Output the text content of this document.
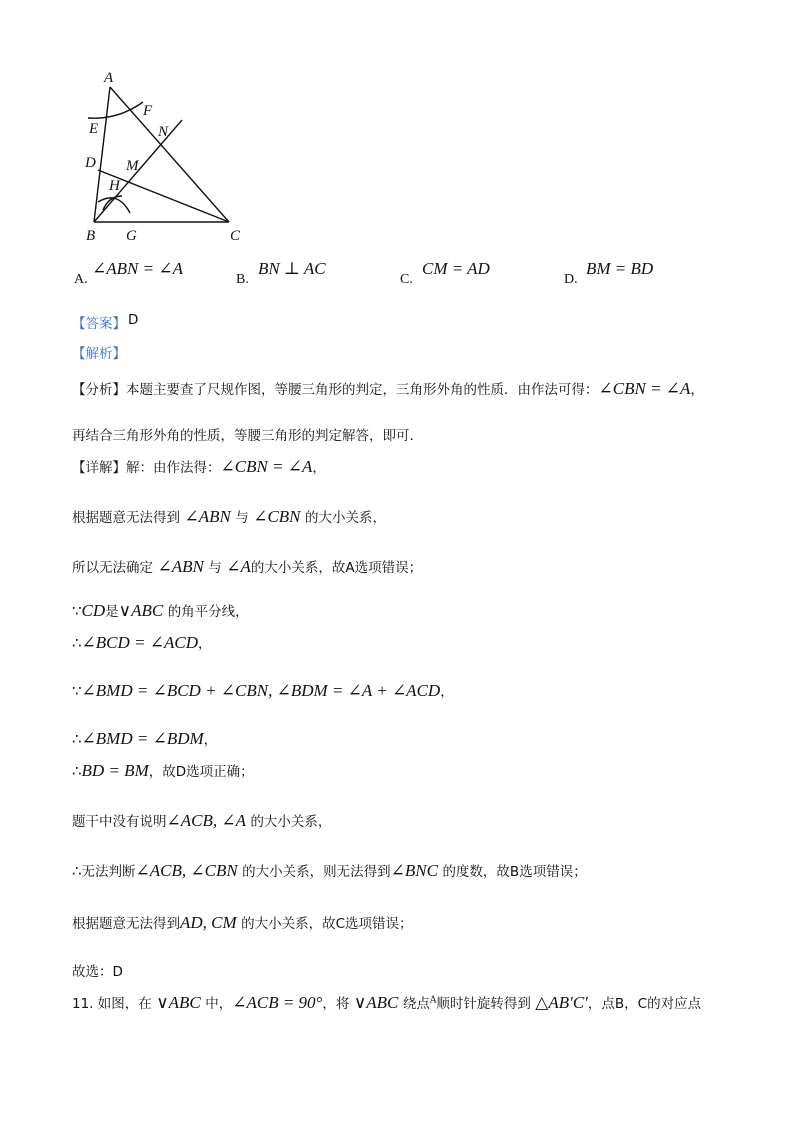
A
F
E	N
D M
H
B G	C
A.
∠ABN = ∠A
B.
BN ⊥ AC
C.
CM = AD
D.
BM = BD
【答案】 D
【解析】
【分析】本题主要查了尺规作图，等腰三角形的判定，三角形外角的性质．由作法可得：∠CBN = ∠A，
再结合三角形外角的性质，等腰三角形的判定解答，即可．
【详解】解：由作法得：∠CBN = ∠A，
根据题意无法得到 ∠ABN 与 ∠CBN 的大小关系，
所以无法确定 ∠ABN 与 ∠A的大小关系，故A选项错误；
∵CD是∨ABC 的角平分线，
∴∠BCD = ∠ACD，
∵∠BMD = ∠BCD + ∠CBN, ∠BDM = ∠A + ∠ACD，
∴∠BMD = ∠BDM，
∴BD = BM，故D选项正确；
题干中没有说明∠ACB, ∠A 的大小关系，
∴无法判断∠ACB, ∠CBN 的大小关系，则无法得到∠BNC 的度数，故B选项错误；
根据题意无法得到AD, CM 的大小关系，故C选项错误；
故选：D
11. 如图，在 ∨ABC 中，∠ACB = 90°，将 ∨ABC 绕点$^A$顺时针旋转得到 △AB′C′，点B，C的对应点
